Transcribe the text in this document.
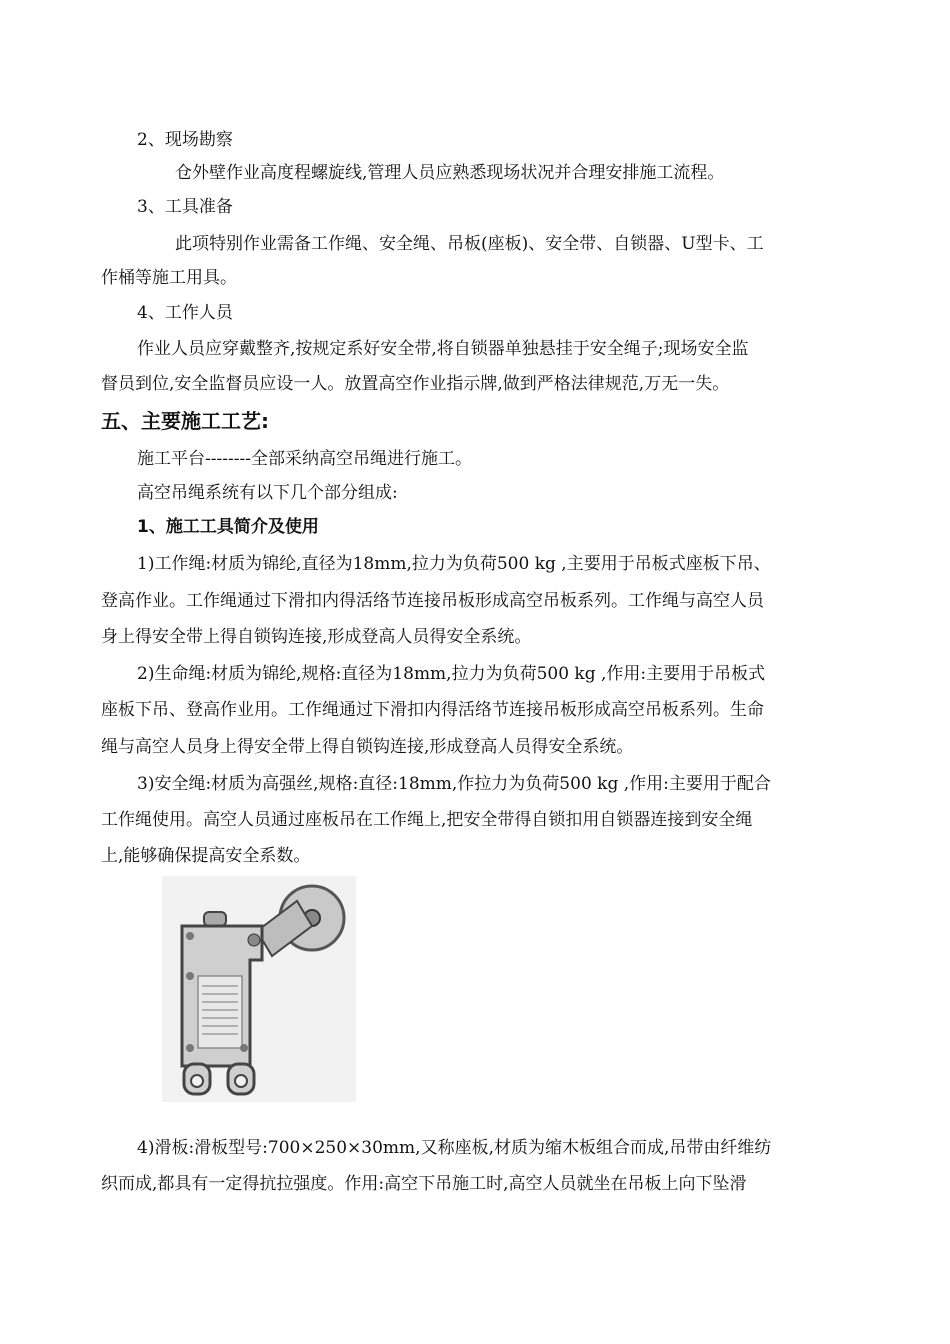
2、现场勘察
仓外壁作业高度程螺旋线,管理人员应熟悉现场状况并合理安排施工流程。
3、工具准备
此项特别作业需备工作绳、安全绳、吊板(座板)、安全带、自锁器、U型卡、工
作桶等施工用具。
4、工作人员
作业人员应穿戴整齐,按规定系好安全带,将自锁器单独悬挂于安全绳子;现场安全监
督员到位,安全监督员应设一人。放置高空作业指示牌,做到严格法律规范,万无一失。
五、主要施工工艺:
施工平台--------全部采纳高空吊绳进行施工。
高空吊绳系统有以下几个部分组成:
1、施工工具简介及使用
1)工作绳:材质为锦纶,直径为18mm,拉力为负荷500 kg ,主要用于吊板式座板下吊、
登高作业。工作绳通过下滑扣内得活络节连接吊板形成高空吊板系列。工作绳与高空人员
身上得安全带上得自锁钩连接,形成登高人员得安全系统。
2)生命绳:材质为锦纶,规格:直径为18mm,拉力为负荷500 kg ,作用:主要用于吊板式
座板下吊、登高作业用。工作绳通过下滑扣内得活络节连接吊板形成高空吊板系列。生命
绳与高空人员身上得安全带上得自锁钩连接,形成登高人员得安全系统。
3)安全绳:材质为高强丝,规格:直径:18mm,作拉力为负荷500 kg ,作用:主要用于配合
工作绳使用。高空人员通过座板吊在工作绳上,把安全带得自锁扣用自锁器连接到安全绳
上,能够确保提高安全系数。
4)滑板:滑板型号:700×250×30mm,又称座板,材质为缩木板组合而成,吊带由纤维纺
织而成,都具有一定得抗拉强度。作用:高空下吊施工时,高空人员就坐在吊板上向下坠滑
